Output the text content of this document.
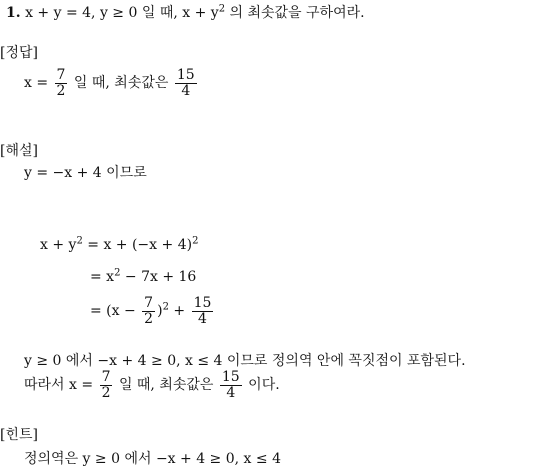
1. x + y = 4, y ≥ 0 일 때, $x + y^2$ 의 최솟값을 구하여라.
[정답]
$x = \frac{7}{2}$ 일 때, 최솟값은 $\frac{15}{4}$
[해설]
y = −x + 4 이므로
$x + y^2 = x + (-x + 4)^2$
= $x^2 - 7x + 16$
= $(x - \frac{7}{2} )^2 + \frac{15}{4}$
y ≥ 0 에서 −x + 4 ≥ 0, x ≤ 4 이므로 정의역 안에 꼭짓점이 포함된다.
따라서 $x = \frac{7}{2}$ 일 때, 최솟값은 $\frac{15}{4}$ 이다.
[힌트]
정의역은 y ≥ 0 에서 −x + 4 ≥ 0, x ≤ 4
